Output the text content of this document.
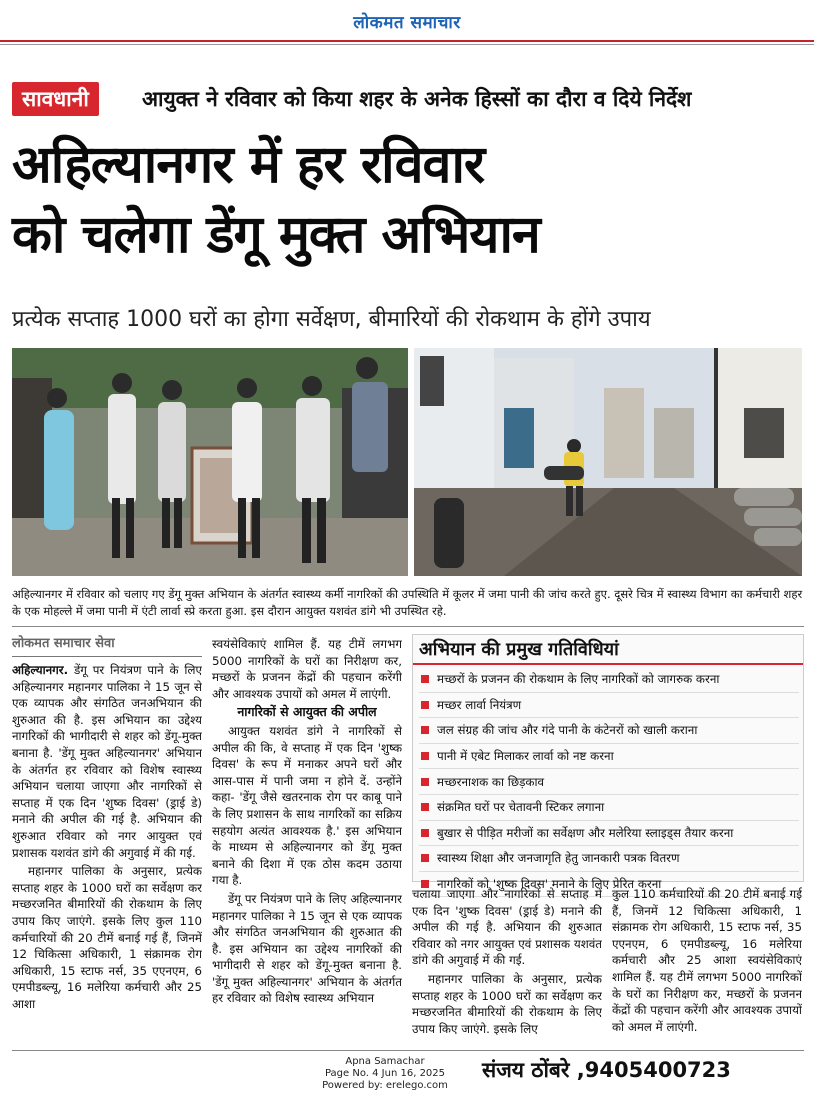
लोकमत समाचार
सावधानी	आयुक्त ने रविवार को किया शहर के अनेक हिस्सों का दौरा व दिये निर्देश
अहिल्यानगर में हर रविवार
को चलेगा डेंगू मुक्त अभियान
प्रत्येक सप्ताह 1000 घरों का होगा सर्वेक्षण, बीमारियों की रोकथाम के होंगे उपाय
अहिल्यानगर में रविवार को चलाए गए डेंगू मुक्त अभियान के अंतर्गत स्वास्थ्य कर्मी नागरिकों की उपस्थिति में कूलर में जमा पानी की जांच करते हुए. दूसरे चित्र में स्वास्थ्य विभाग का कर्मचारी शहर के एक मोहल्ले में जमा पानी में एंटी लार्वा स्प्रे करता हुआ. इस दौरान आयुक्त यशवंत डांगे भी उपस्थित रहे.
लोकमत समाचार सेवा

अहिल्यानगर. डेंगू पर नियंत्रण पाने के लिए अहिल्यानगर महानगर पालिका ने 15 जून से एक व्यापक और संगठित जनअभियान की शुरुआत की है. इस अभियान का उद्देश्य नागरिकों की भागीदारी से शहर को डेंगू-मुक्त बनाना है. 'डेंगू मुक्त अहिल्यानगर' अभियान के अंतर्गत हर रविवार को विशेष स्वास्थ्य अभियान चलाया जाएगा और नागरिकों से सप्ताह में एक दिन 'शुष्क दिवस' (ड्राई डे) मनाने की अपील की गई है. अभियान की शुरुआत रविवार को नगर आयुक्त एवं प्रशासक यशवंत डांगे की अगुवाई में की गई.

महानगर पालिका के अनुसार, प्रत्येक सप्ताह शहर के 1000 घरों का सर्वेक्षण कर मच्छरजनित बीमारियों की रोकथाम के लिए उपाय किए जाएंगे. इसके लिए कुल 110 कर्मचारियों की 20 टीमें बनाई गई हैं, जिनमें 12 चिकित्सा अधिकारी, 1 संक्रामक रोग अधिकारी, 15 स्टाफ नर्स, 35 एएनएम, 6 एमपीडब्ल्यू, 16 मलेरिया कर्मचारी और 25 आशा

स्वयंसेविकाएं शामिल हैं. यह टीमें लगभग 5000 नागरिकों के घरों का निरीक्षण कर, मच्छरों के प्रजनन केंद्रों की पहचान करेंगी और आवश्यक उपायों को अमल में लाएंगी.

नागरिकों से आयुक्त की अपील

आयुक्त यशवंत डांगे ने नागरिकों से अपील की कि, वे सप्ताह में एक दिन 'शुष्क दिवस' के रूप में मनाकर अपने घरों और आस-पास में पानी जमा न होने दें. उन्होंने कहा- 'डेंगू जैसे खतरनाक रोग पर काबू पाने के लिए प्रशासन के साथ नागरिकों का सक्रिय सहयोग अत्यंत आवश्यक है.' इस अभियान के माध्यम से अहिल्यानगर को डेंगू मुक्त बनाने की दिशा में एक ठोस कदम उठाया गया है.

डेंगू पर नियंत्रण पाने के लिए अहिल्यानगर महानगर पालिका ने 15 जून से एक व्यापक और संगठित जनअभियान की शुरुआत की है. इस अभियान का उद्देश्य नागरिकों की भागीदारी से शहर को डेंगू-मुक्त बनाना है. 'डेंगू मुक्त अहिल्यानगर' अभियान के अंतर्गत हर रविवार को विशेष स्वास्थ्य अभियान

अभियान की प्रमुख गतिविधियां
मच्छरों के प्रजनन की रोकथाम के लिए नागरिकों को जागरुक करना
मच्छर लार्वा नियंत्रण
जल संग्रह की जांच और गंदे पानी के कंटेनरों को खाली कराना
पानी में एबेट मिलाकर लार्वा को नष्ट करना
मच्छरनाशक का छिड़काव
संक्रमित घरों पर चेतावनी स्टिकर लगाना
बुखार से पीड़ित मरीजों का सर्वेक्षण और मलेरिया स्लाइड्स तैयार करना
स्वास्थ्य शिक्षा और जनजागृति हेतु जानकारी पत्रक वितरण
नागरिकों को 'शुष्क दिवस' मनाने के लिए प्रेरित करना

चलाया जाएगा और नागरिकों से सप्ताह में एक दिन 'शुष्क दिवस' (ड्राई डे) मनाने की अपील की गई है. अभियान की शुरुआत रविवार को नगर आयुक्त एवं प्रशासक यशवंत डांगे की अगुवाई में की गई.

महानगर पालिका के अनुसार, प्रत्येक सप्ताह शहर के 1000 घरों का सर्वेक्षण कर मच्छरजनित बीमारियों की रोकथाम के लिए उपाय किए जाएंगे. इसके लिए

कुल 110 कर्मचारियों की 20 टीमें बनाई गई हैं, जिनमें 12 चिकित्सा अधिकारी, 1 संक्रामक रोग अधिकारी, 15 स्टाफ नर्स, 35 एएनएम, 6 एमपीडब्ल्यू, 16 मलेरिया कर्मचारी और 25 आशा स्वयंसेविकाएं शामिल हैं. यह टीमें लगभग 5000 नागरिकों के घरों का निरीक्षण कर, मच्छरों के प्रजनन केंद्रों की पहचान करेंगी और आवश्यक उपायों को अमल में लाएंगी.

Apna Samachar
Page No. 4 Jun 16, 2025
Powered by: erelego.com
संजय ठोंबरे ,9405400723
